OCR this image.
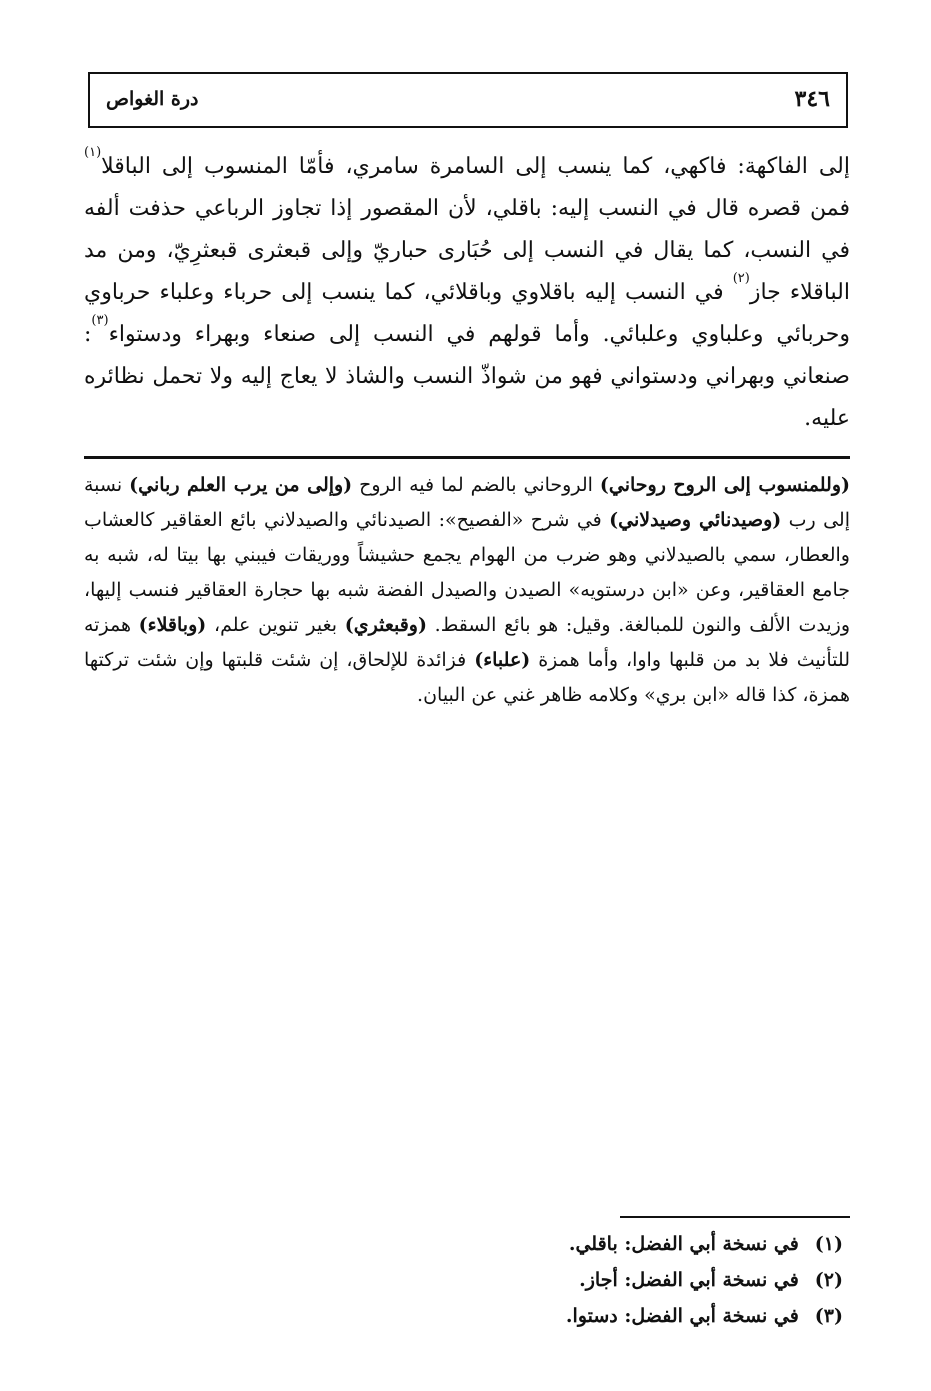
٣٤٦
درة الغواص

إلى الفاكهة: فاكهي، كما ينسب إلى السامرة سامري، فأمّا المنسوب إلى الباقلا$^{(١)}$ فمن قصره قال في النسب إليه: باقلي، لأن المقصور إذا تجاوز الرباعي حذفت ألفه في النسب، كما يقال في النسب إلى حُبَارى حباريّ وإلى قبعثرى قبعثرِيّ، ومن مد الباقلاء جاز$^{(٢)}$ في النسب إليه باقلاوي وباقلائي، كما ينسب إلى حرباء وعلباء حرباوي وحربائي وعلباوي وعلبائي. وأما قولهم في النسب إلى صنعاء وبهراء ودستواء$^{(٣)}$: صنعاني وبهراني ودستواني فهو من شواذّ النسب والشاذ لا يعاج إليه ولا تحمل نظائره عليه.

(وللمنسوب إلى الروح روحاني) الروحاني بالضم لما فيه الروح (وإلى من يرب العلم رباني) نسبة إلى رب (وصيدنائي وصيدلاني) في شرح «الفصيح»: الصيدنائي والصيدلاني بائع العقاقير كالعشاب والعطار، سمي بالصيدلاني وهو ضرب من الهوام يجمع حشيشاً ووريقات فيبني بها بيتا له، شبه به جامع العقاقير، وعن «ابن درستويه» الصيدن والصيدل الفضة شبه بها حجارة العقاقير فنسب إليها، وزيدت الألف والنون للمبالغة. وقيل: هو بائع السقط. (وقبعثري) بغير تنوين علم، (وباقلاء) همزته للتأنيث فلا بد من قلبها واوا، وأما همزة (علباء) فزائدة للإلحاق، إن شئت قلبتها وإن شئت تركتها همزة، كذا قاله «ابن بري» وكلامه ظاهر غني عن البيان.

(١)في نسخة أبي الفضل: باقلي.
(٢)في نسخة أبي الفضل: أجاز.
(٣)في نسخة أبي الفضل: دستوا.
